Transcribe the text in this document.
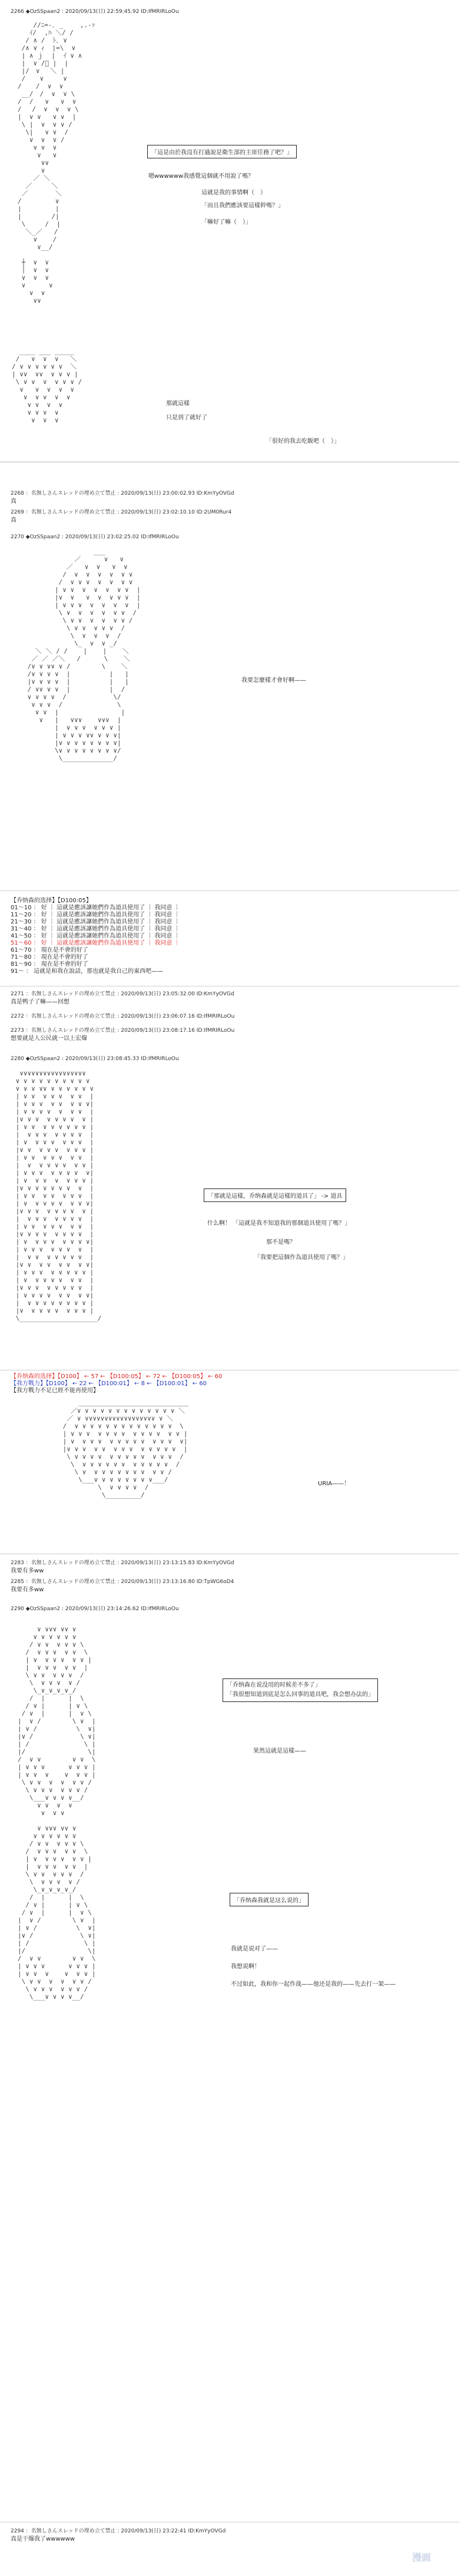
2266 ◆OzSSpaan2 : 2020/09/13(日) 22:59:45.92 ID:IfMRIRLoOu
//ﾆ=-､ _　　 ,.-ｧ
ｲ/  ,ﾊ ＼/ /
/ ∧ /  ﾄ､ ∨
/∧ ∨ ｨ  |=\  ∨
| ∧ ｊ  |  ｲ ∨ ∧
|  ∨ /ﾟ |  |
|/　∨　 ＼ |
/ 　 ∨     ∨
/ 　 /  ∨  ∨
__/　/  ∨  ∨ \
/  /   ∨   ∨  ∨
/　 /  ∨  ∨  ∨ \
|  ∨ ∨   ∨ ∨  |
\ |  ∨  ∨ ∨ /
\|   ∨ ∨  /
∨  ∨  ∨ /
∨ ∨  ∨
∨   ∨
∨∨
∨
／ ＼
／     ＼
／       ＼
/ 　　　　 ∨
|  　　　　|
|  　    /|
\     /  |
＼_／   /
∨    /
∨__/

┼  ∨  ∨
│  ∨  ∨
∨  ∨  ∨
∨      ∨
∨  ∨
∨∨

「這是由於我沒有打過說是衛生部的主席任務了吧？」
嗯wwwwww我感覺這個就不用說了嗎？
這就是我的事情啊（　）
「而且我們應該要這樣幹嗎？」
「嘛好了嘛（　）」
____ ___ _____
/   ∨  ∨  ∨   ＼
/ ∨ ∨ ∨ ∨ ∨ ∨  ＼
| ∨∨  ∨∨  ∨ ∨ ∨ |
\ ∨ ∨  ∨  ∨ ∨ ∨ /
∨   ∨  ∨  ∨  ∨
∨  ∨ ∨  ∨  ∨
∨ ∨  ∨  ∨
∨ ∨ ∨  ∨
∨  ∨  ∨

那就這樣
只是到了就好了
「很好的我去吃飯吧（　）」
2268 ：名無しさんスレッドの埋め立て禁止 : 2020/09/13(日) 23:00:02.93 ID:KmYyOVGd
真
2269 ：名無しさんスレッドの埋め立て禁止 : 2020/09/13(日) 23:02:10.10 ID:2UM0Rur4
真
2270 ◆OzSSpaan2 : 2020/09/13(日) 23:02:25.02 ID:IfMRIRLoOu
___
／      ∨   ∨
／   ∨  ∨   ∨  ∨
/  ∨  ∨  ∨  ∨  ∨ ∨
/  ∨ ∨ ∨  ∨  ∨  ∨ ∨
| ∨ ∨  ∨  ∨  ∨  ∨ ∨  |
|∨  ∨   ∨  ∨  ∨ ∨ ∨  |
| ∨ ∨ ∨  ∨  ∨  ∨  ∨  |
\ ∨  ∨  ∨  ∨  ∨ ∨  /
\ ∨ ∨  ∨  ∨  ∨ ∨ /
\ ∨ ∨  ∨ ∨ ∨  /
\  ∨  ∨  ∨  /
\_  ∨  ∨ _/
＼ ＼ / /    |    |    ＼
／ ／ ／＼   /      \    ＼
/∨ ∨ ∨∨ ∨ /        \    ＼
/∨ ∨ ∨ ∨  |          |   |
|∨ ∨ ∨ ∨  |          |   |
/ ∨∨ ∨ ∨  |          |  /
∨ ∨ ∨ ∨  /            \/
∨ ∨ ∨  /              \
∨ ∨  |                |
∨   |   ∨∨∨    ∨∨∨  |
|  ∨ ∨ ∨  ∨ ∨ ∨ |
| ∨ ∨ ∨ ∨∨ ∨ ∨ ∨|
|∨ ∨ ∨ ∨ ∨ ∨ ∨ ∨|
\∨ ∨ ∨ ∨ ∨ ∨ ∨ ∨/
\_____________/

我要怎麼樣才會好啊——
【乔纳森的选择】【D100:05】
01～10 ： 好 ｜ 這就是應該讓她們作為道具使用了 ｜ 我同意 ｜
11～20 ： 好 ｜ 這就是應該讓她們作為道具使用了 ｜ 我同意 ｜
21～30 ： 好 ｜ 這就是應該讓她們作為道具使用了 ｜ 我同意 ｜
31～40 ： 好 ｜ 這就是應該讓她們作為道具使用了 ｜ 我同意 ｜
41～50 ： 好 ｜ 這就是應該讓她們作為道具使用了 ｜ 我同意 ｜
51～60 ： 好 ｜ 這就是應該讓她們作為道具使用了 ｜ 我同意 ｜
61～70 ： 現在是不會的好了
71～80 ： 現在是不會的好了
81～90 ： 現在是不會的好了
91～ ： 這就是和我在說話，那也就是我自己的東西吧——
2271 ：名無しさんスレッドの埋め立て禁止 : 2020/09/13(日) 23:05:32.00 ID:KmYyOVGd
真是鸭子了嘛——回想
2272 ：名無しさんスレッドの埋め立て禁止 : 2020/09/13(日) 23:06:07.16 ID:IfMRIRLoOu
2273 ：名無しさんスレッドの埋め立て禁止 : 2020/09/13(日) 23:08:17.16 ID:IfMRIRLoOu
想要就是人公民就一以上宏爆
2280 ◆OzSSpaan2 : 2020/09/13(日) 23:08:45.33 ID:IfMRIRLoOu
∨∨∨∨∨∨∨∨∨∨∨∨∨∨∨∨∨
∨ ∨ ∨ ∨ ∨ ∨ ∨ ∨ ∨ ∨
∨ ∨ ∨ ∨∨ ∨ ∨ ∨ ∨ ∨ ∨
| ∨ ∨  ∨ ∨ ∨  ∨ ∨  |
| ∨ ∨ ∨  ∨ ∨  ∨ ∨ ∨|
| ∨ ∨ ∨ ∨  ∨  ∨ ∨  |
|∨ ∨ ∨  ∨ ∨ ∨ ∨  ∨ |
| ∨ ∨  ∨ ∨ ∨ ∨ ∨ ∨ |
|  ∨ ∨ ∨  ∨ ∨ ∨ ∨  |
| ∨  ∨ ∨ ∨  ∨ ∨ ∨  |
|∨ ∨  ∨ ∨ ∨  ∨ ∨ ∨ |
| ∨ ∨  ∨ ∨ ∨  ∨ ∨  |
|  ∨  ∨ ∨ ∨ ∨  ∨ ∨ |
| ∨ ∨ ∨  ∨ ∨ ∨ ∨  ∨|
| ∨  ∨ ∨  ∨  ∨ ∨ ∨ |
|∨ ∨ ∨ ∨ ∨ ∨ ∨  ∨  |
| ∨ ∨  ∨ ∨  ∨ ∨ ∨  |
| ∨  ∨ ∨ ∨ ∨  ∨ ∨ ∨|
|∨ ∨ ∨  ∨ ∨ ∨ ∨  ∨ |
|  ∨ ∨ ∨  ∨ ∨ ∨ ∨  |
| ∨ ∨  ∨ ∨ ∨  ∨ ∨  |
|∨ ∨ ∨ ∨  ∨ ∨ ∨ ∨  |
| ∨  ∨ ∨ ∨  ∨ ∨ ∨ ∨|
| ∨ ∨ ∨  ∨ ∨ ∨  ∨  |
|  ∨ ∨  ∨ ∨ ∨ ∨ ∨  |
|∨ ∨  ∨ ∨  ∨ ∨  ∨ ∨|
| ∨ ∨ ∨  ∨ ∨ ∨ ∨ ∨ |
| ∨  ∨ ∨ ∨ ∨  ∨ ∨  |
|∨ ∨ ∨  ∨ ∨ ∨ ∨ ∨  |
| ∨ ∨ ∨ ∨  ∨ ∨  ∨ ∨|
|  ∨ ∨ ∨ ∨ ∨ ∨ ∨ ∨ |
|∨  ∨ ∨ ∨ ∨  ∨ ∨ ∨ |
\____________________/

「那就是這樣，乔纳森就是這樣的道具了」 -> 道具
什么啊！ 「這就是我不知道我的那個道具使用了嗎？」
那不是嗎？
「我要把這個作為道具使用了嗎？」
【乔纳森的选择】【D100】 ← 57 ← 【D100:05】 ← 72 ← 【D100:05】 ← 60
【我方戰力】【D100】 ← 22 ← 【D100:01】 ← 8 ← 【D100:01】 ← 60
【我方戰力不足已經不能再使用】
＿＿＿＿＿＿＿＿＿＿＿＿＿＿＿＿＿
／∨ ∨ ∨ ∨ ∨ ∨ ∨ ∨ ∨ ∨ ∨ ∨ ∨ ＼
／ ∨ ∨∨∨∨∨∨∨∨∨∨∨∨∨∨∨∨∨∨ ∨ ＼
/  ∨ ∨ ∨ ∨ ∨ ∨ ∨ ∨ ∨ ∨ ∨ ∨ ∨  \
| ∨ ∨ ∨  ∨ ∨ ∨ ∨  ∨ ∨ ∨ ∨  ∨ ∨ |
| ∨  ∨ ∨ ∨  ∨ ∨ ∨ ∨ ∨  ∨ ∨ ∨  ∨|
|∨ ∨ ∨  ∨ ∨  ∨ ∨ ∨  ∨ ∨ ∨ ∨ ∨  |
\ ∨ ∨ ∨ ∨  ∨ ∨ ∨ ∨ ∨  ∨ ∨ ∨  /
\  ∨ ∨ ∨ ∨ ∨ ∨  ∨ ∨ ∨ ∨ ∨  /
\ ∨  ∨ ∨ ∨ ∨ ∨ ∨ ∨  ∨ ∨ /
\___∨ ∨ ∨ ∨ ∨ ∨ ∨ ∨___/
\  ∨ ∨ ∨ ∨  /
\_________/

URIA——！
2283 ：名無しさんスレッドの埋め立て禁止 : 2020/09/13(日) 23:13:15.83 ID:KmYyOVGd
我要有多ww
2285 ：名無しさんスレッドの埋め立て禁止 : 2020/09/13(日) 23:13:16.80 ID:TpWG6oD4
我要有多ww
2290 ◆OzSSpaan2 : 2020/09/13(日) 23:14:26.62 ID:IfMRIRLoOu
∨ ∨∨∨ ∨∨ ∨
∨ ∨ ∨ ∨ ∨ ∨
/ ∨ ∨  ∨ ∨ ∨ \
/  ∨ ∨ ∨  ∨ ∨  \
| ∨  ∨ ∨ ∨  ∨ ∨ |
|  ∨ ∨ ∨  ∨ ∨  |
\ ∨ ∨  ∨ ∨ ∨  /
\  ∨ ∨ ∨  ∨ /
\_∨_∨_∨_∨_/
/  |      |  \
/ ∨ |      | ∨ \
/ ∨  |      |  ∨ \
|  ∨ /        \ ∨  |
| ∨ /          \  ∨|
|∨ /            \ ∨|
| /              \ |
|/                \|
/  ∨ ∨        ∨ ∨  \
| ∨ ∨ ∨      ∨ ∨ ∨ |
| ∨ ∨  ∨    ∨  ∨ ∨ |
\ ∨ ∨  ∨  ∨  ∨ ∨ /
\ ∨ ∨ ∨  ∨ ∨ ∨ /
\___∨ ∨ ∨ ∨__/
∨ ∨  ∨  ∨
∨  ∨ ∨

∨ ∨∨∨ ∨∨ ∨
∨ ∨ ∨ ∨ ∨ ∨
/ ∨ ∨  ∨ ∨ ∨ \
/  ∨ ∨ ∨  ∨ ∨  \
| ∨  ∨ ∨ ∨  ∨ ∨ |
|  ∨ ∨ ∨  ∨ ∨  |
\ ∨ ∨  ∨ ∨ ∨  /
\  ∨ ∨ ∨  ∨ /
\_∨_∨_∨_∨_/
/  |      |  \
/ ∨ |      | ∨ \
/ ∨  |      |  ∨ \
|  ∨ /        \ ∨  |
| ∨ /          \  ∨|
|∨ /            \ ∨|
| /              \ |
|/                \|
/  ∨ ∨        ∨ ∨  \
| ∨ ∨ ∨      ∨ ∨ ∨ |
| ∨ ∨  ∨    ∨  ∨ ∨ |
\ ∨ ∨  ∨  ∨  ∨ ∨ /
\ ∨ ∨ ∨  ∨ ∨ ∨ /
\___∨ ∨ ∨ ∨__/

「乔纳森在说没用的时候差不多了」
「我很想知道到底是怎么回事的道具吧，我会想办法的」
果然這就是這樣——
「乔纳森我就是这么说的」
我就是说对了——
我想说啊！
不过如此，我和你一起作战——他还是我的——先去打一架——
2294 ：名無しさんスレッドの埋め立て禁止 : 2020/09/13(日) 23:22:41 ID:KmYyOVGd
真是干爆我了wwwwww
漫画
